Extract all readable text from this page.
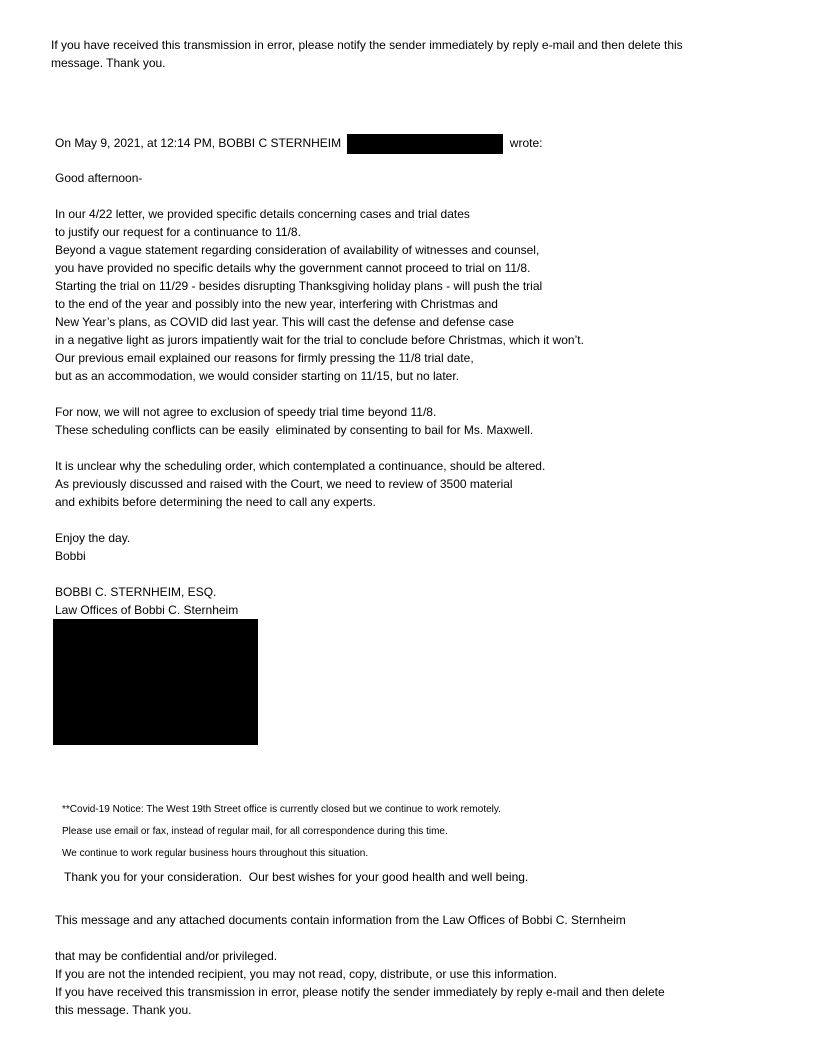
If you have received this transmission in error, please notify the sender immediately by reply e-mail and then delete this
message. Thank you.
On May 9, 2021, at 12:14 PM, BOBBI C STERNHEIM	wrote:
Good afternoon-
In our 4/22 letter, we provided specific details concerning cases and trial dates
to justify our request for a continuance to 11/8.
Beyond a vague statement regarding consideration of availability of witnesses and counsel,
you have provided no specific details why the government cannot proceed to trial on 11/8.
Starting the trial on 11/29 - besides disrupting Thanksgiving holiday plans - will push the trial
to the end of the year and possibly into the new year, interfering with Christmas and
New Year’s plans, as COVID did last year. This will cast the defense and defense case
in a negative light as jurors impatiently wait for the trial to conclude before Christmas, which it won’t.
Our previous email explained our reasons for firmly pressing the 11/8 trial date,
but as an accommodation, we would consider starting on 11/15, but no later.
For now, we will not agree to exclusion of speedy trial time beyond 11/8.
These scheduling conflicts can be easily  eliminated by consenting to bail for Ms. Maxwell.
It is unclear why the scheduling order, which contemplated a continuance, should be altered.
As previously discussed and raised with the Court, we need to review of 3500 material
and exhibits before determining the need to call any experts.
Enjoy the day.
Bobbi
BOBBI C. STERNHEIM, ESQ.
Law Offices of Bobbi C. Sternheim
**Covid-19 Notice: The West 19th Street office is currently closed but we continue to work remotely.
Please use email or fax, instead of regular mail, for all correspondence during this time.
We continue to work regular business hours throughout this situation.
Thank you for your consideration.  Our best wishes for your good health and well being.
This message and any attached documents contain information from the Law Offices of Bobbi C. Sternheim
that may be confidential and/or privileged.
If you are not the intended recipient, you may not read, copy, distribute, or use this information.
If you have received this transmission in error, please notify the sender immediately by reply e-mail and then delete
this message. Thank you.
